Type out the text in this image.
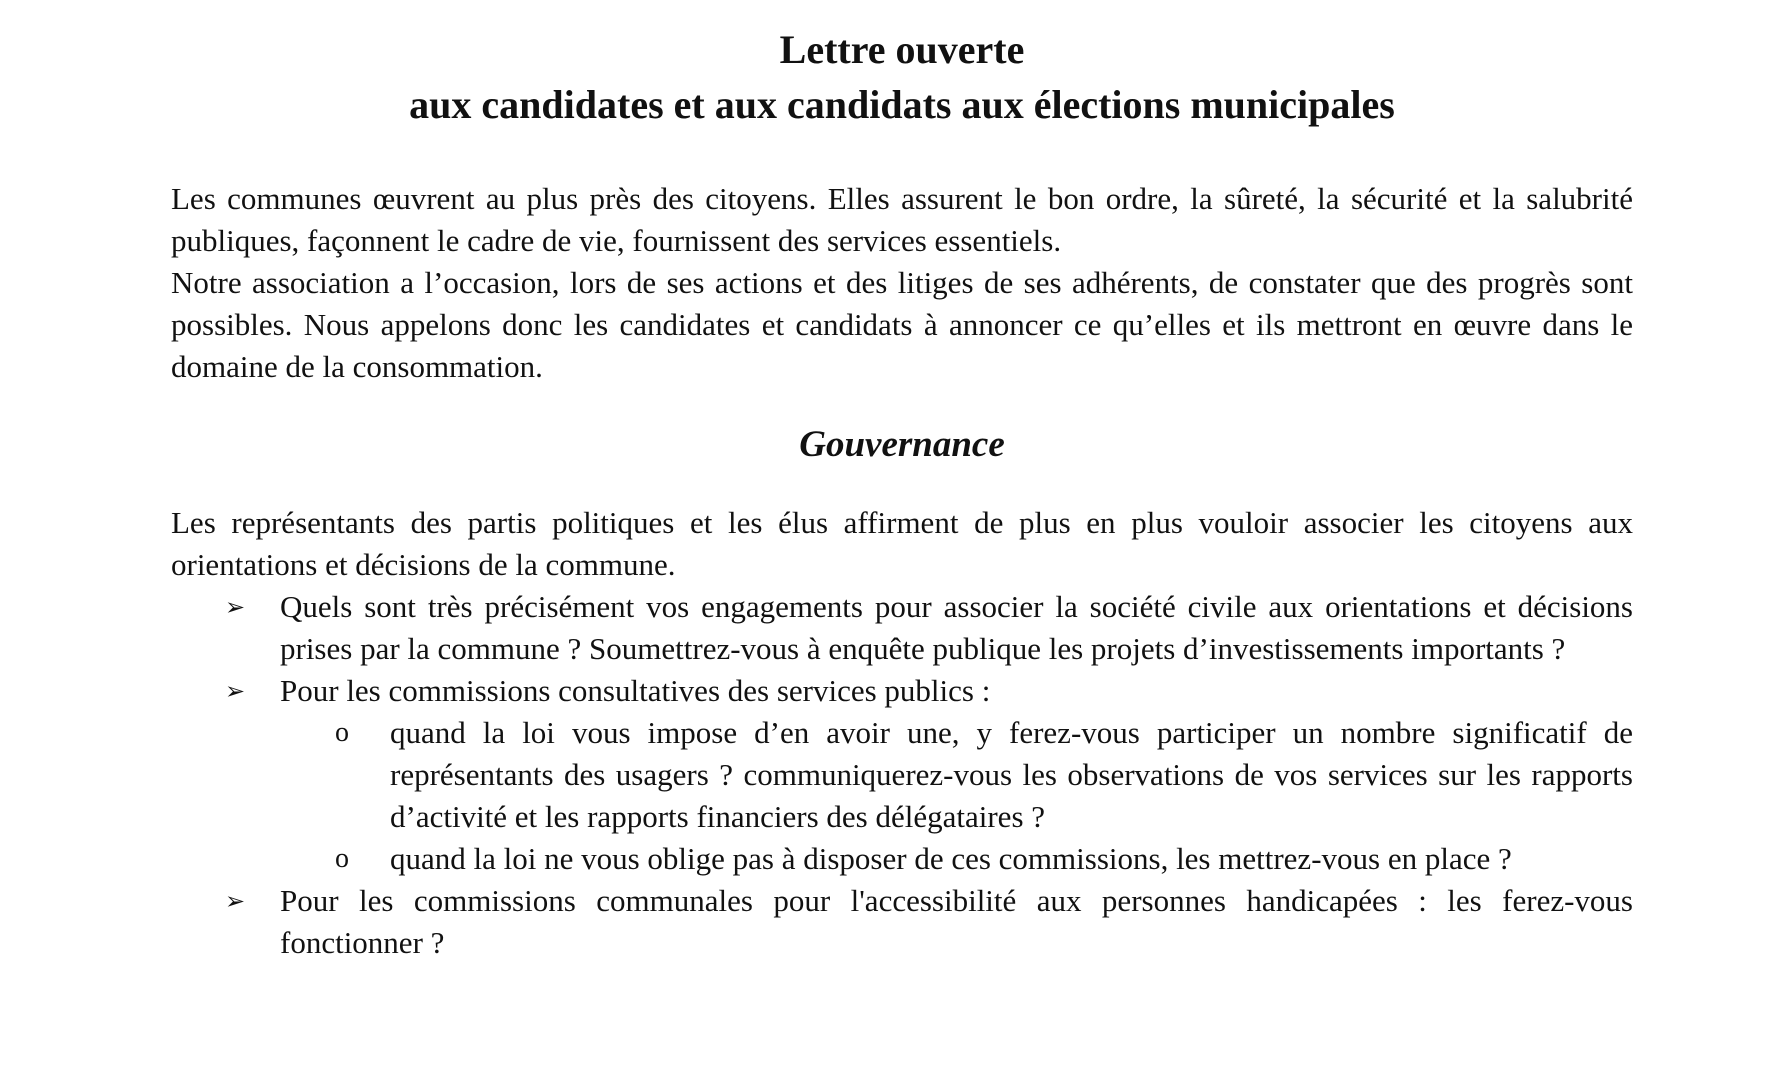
Lettre ouverte
aux candidates et aux candidats aux élections municipales

Les communes œuvrent au plus près des citoyens. Elles assurent le bon ordre, la sûreté, la sécurité et la salubrité publiques, façonnent le cadre de vie, fournissent des services essentiels.

Notre association a l’occasion, lors de ses actions et des litiges de ses adhérents, de constater que des progrès sont possibles. Nous appelons donc les candidates et candidats à annoncer ce qu’elles et ils mettront en œuvre dans le domaine de la consommation.

Gouvernance

Les représentants des partis politiques et les élus affirment de plus en plus vouloir associer les citoyens aux orientations et décisions de la commune.

➢ Quels sont très précisément vos engagements pour associer la société civile aux orientations et décisions prises par la commune ? Soumettrez-vous à enquête publique les projets d’investissements importants ?
➢ Pour les commissions consultatives des services publics :
o quand la loi vous impose d’en avoir une, y ferez-vous participer un nombre significatif de représentants des usagers ? communiquerez-vous les observations de vos services sur les rapports d’activité et les rapports financiers des délégataires ?
o quand la loi ne vous oblige pas à disposer de ces commissions, les mettrez-vous en place ?
➢ Pour les commissions communales pour l'accessibilité aux personnes handicapées : les ferez-vous fonctionner ?
